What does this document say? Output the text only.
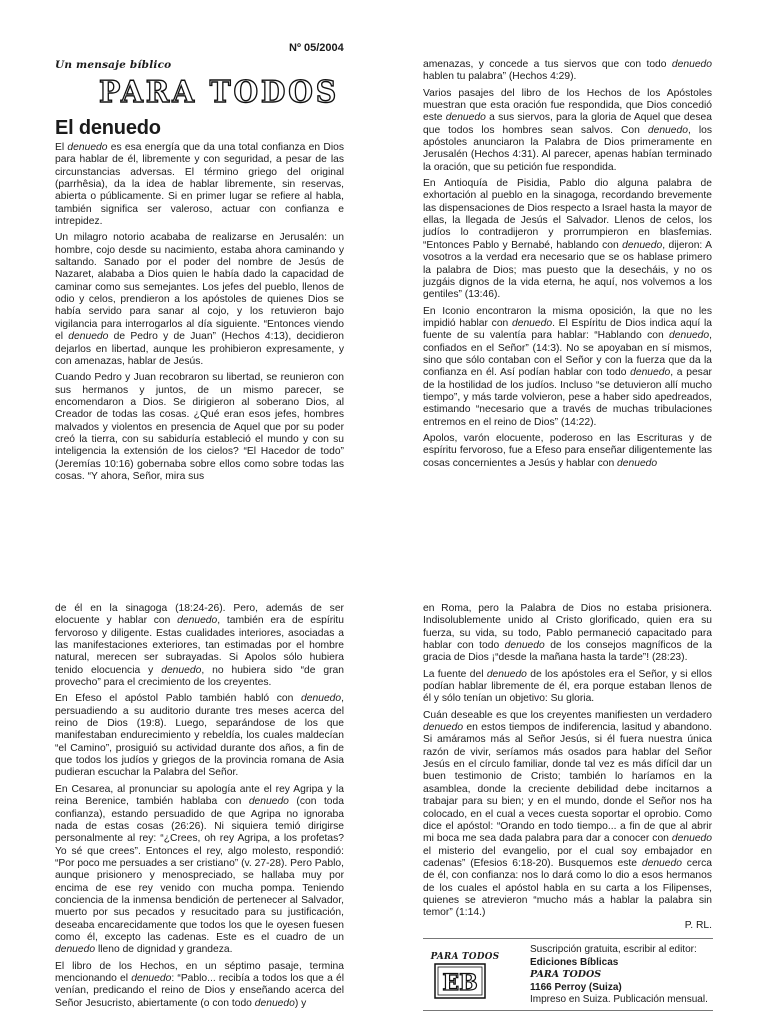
Nº 05/2004
Un mensaje bíblico
PARA TODOS
El denuedo

El denuedo es esa energía que da una total confianza en Dios para hablar de él, libremente y con seguridad, a pesar de las circunstancias adversas. El término griego del original (parrhêsia), da la idea de hablar libremente, sin reservas, abierta o públicamente. Si en primer lugar se refiere al habla, también significa ser valeroso, actuar con confianza e intrepidez.

Un milagro notorio acababa de realizarse en Jerusalén: un hombre, cojo desde su nacimiento, estaba ahora caminando y saltando. Sanado por el poder del nombre de Jesús de Nazaret, alababa a Dios quien le había dado la capacidad de caminar como sus semejantes. Los jefes del pueblo, llenos de odio y celos, prendieron a los apóstoles de quienes Dios se había servido para sanar al cojo, y los retuvieron bajo vigilancia para interrogarlos al día siguiente. “Entonces viendo el denuedo de Pedro y de Juan” (Hechos 4:13), decidieron dejarlos en libertad, aunque les prohibieron expresamente, y con amenazas, hablar de Jesús.

Cuando Pedro y Juan recobraron su libertad, se reunieron con sus hermanos y juntos, de un mismo parecer, se encomendaron a Dios. Se dirigieron al soberano Dios, al Creador de todas las cosas. ¿Qué eran esos jefes, hombres malvados y violentos en presencia de Aquel que por su poder creó la tierra, con su sabiduría estableció el mundo y con su inteligencia la extensión de los cielos? “El Hacedor de todo” (Jeremías 10:16) gobernaba sobre ellos como sobre todas las cosas. “Y ahora, Señor, mira sus

amenazas, y concede a tus siervos que con todo denuedo hablen tu palabra” (Hechos 4:29).

Varios pasajes del libro de los Hechos de los Apóstoles muestran que esta oración fue respondida, que Dios concedió este denuedo a sus siervos, para la gloria de Aquel que desea que todos los hombres sean salvos. Con denuedo, los apóstoles anunciaron la Palabra de Dios primeramente en Jerusalén (Hechos 4:31). Al parecer, apenas habían terminado la oración, que su petición fue respondida.

En Antioquía de Pisidia, Pablo dio alguna palabra de exhortación al pueblo en la sinagoga, recordando brevemente las dispensaciones de Dios respecto a Israel hasta la mayor de ellas, la llegada de Jesús el Salvador. Llenos de celos, los judíos lo contradijeron y prorrumpieron en blasfemias. “Entonces Pablo y Bernabé, hablando con denuedo, dijeron: A vosotros a la verdad era necesario que se os hablase primero la palabra de Dios; mas puesto que la desecháis, y no os juzgáis dignos de la vida eterna, he aquí, nos volvemos a los gentiles” (13:46).

En Iconio encontraron la misma oposición, la que no les impidió hablar con denuedo. El Espíritu de Dios indica aquí la fuente de su valentía para hablar: “Hablando con denuedo, confiados en el Señor” (14:3). No se apoyaban en sí mismos, sino que sólo contaban con el Señor y con la fuerza que da la confianza en él. Así podían hablar con todo denuedo, a pesar de la hostilidad de los judíos. Incluso “se detuvieron allí mucho tiempo”, y más tarde volvieron, pese a haber sido apedreados, estimando “necesario que a través de muchas tribulaciones entremos en el reino de Dios” (14:22).

Apolos, varón elocuente, poderoso en las Escrituras y de espíritu fervoroso, fue a Efeso para enseñar diligentemente las cosas concernientes a Jesús y hablar con denuedo

de él en la sinagoga (18:24-26). Pero, además de ser elocuente y hablar con denuedo, también era de espíritu fervoroso y diligente. Estas cualidades interiores, asociadas a las manifestaciones exteriores, tan estimadas por el hombre natural, merecen ser subrayadas. Si Apolos sólo hubiera tenido elocuencia y denuedo, no hubiera sido “de gran provecho” para el crecimiento de los creyentes.

En Efeso el apóstol Pablo también habló con denuedo, persuadiendo a su auditorio durante tres meses acerca del reino de Dios (19:8). Luego, separándose de los que manifestaban endurecimiento y rebeldía, los cuales maldecían “el Camino”, prosiguió su actividad durante dos años, a fin de que todos los judíos y griegos de la provincia romana de Asia pudieran escuchar la Palabra del Señor.

En Cesarea, al pronunciar su apología ante el rey Agripa y la reina Berenice, también hablaba con denuedo (con toda confianza), estando persuadido de que Agripa no ignoraba nada de estas cosas (26:26). Ni siquiera temió dirigirse personalmente al rey: “¿Crees, oh rey Agripa, a los profetas? Yo sé que crees”. Entonces el rey, algo molesto, respondió: “Por poco me persuades a ser cristiano” (v. 27-28). Pero Pablo, aunque prisionero y menospreciado, se hallaba muy por encima de ese rey venido con mucha pompa. Teniendo conciencia de la inmensa bendición de pertenecer al Salvador, muerto por sus pecados y resucitado para su justificación, deseaba encarecidamente que todos los que le oyesen fuesen como él, excepto las cadenas. Este es el cuadro de un denuedo lleno de dignidad y grandeza.

El libro de los Hechos, en un séptimo pasaje, termina mencionando el denuedo: “Pablo... recibía a todos los que a él venían, predicando el reino de Dios y enseñando acerca del Señor Jesucristo, abiertamente (o con todo denuedo) y

en Roma, pero la Palabra de Dios no estaba prisionera. Indisolublemente unido al Cristo glorificado, quien era su fuerza, su vida, su todo, Pablo permaneció capacitado para hablar con todo denuedo de los consejos magníficos de la gracia de Dios ¡“desde la mañana hasta la tarde”! (28:23).

La fuente del denuedo de los apóstoles era el Señor, y si ellos podían hablar libremente de él, era porque estaban llenos de él y sólo tenían un objetivo: Su gloria.

Cuán deseable es que los creyentes manifiesten un verdadero denuedo en estos tiempos de indiferencia, lasitud y abandono. Si amáramos más al Señor Jesús, si él fuera nuestra única razón de vivir, seríamos más osados para hablar del Señor Jesús en el círculo familiar, donde tal vez es más difícil dar un buen testimonio de Cristo; también lo haríamos en la asamblea, donde la creciente debilidad debe incitarnos a trabajar para su bien; y en el mundo, donde el Señor nos ha colocado, en el cual a veces cuesta soportar el oprobio. Como dice el apóstol: “Orando en todo tiempo... a fin de que al abrir mi boca me sea dada palabra para dar a conocer con denuedo el misterio del evangelio, por el cual soy embajador en cadenas” (Efesios 6:18-20). Busquemos este denuedo cerca de él, con confianza: nos lo dará como lo dio a esos hermanos de los cuales el apóstol habla en su carta a los Filipenses, quienes se atrevieron “mucho más a hablar la palabra sin temor” (1:14.)

P. RL.
PARA TODOS
EB
Suscripción gratuita, escribir al editor:
Ediciones Bíblicas
PARA TODOS
1166 Perroy (Suiza)
Impreso en Suiza. Publicación mensual.
